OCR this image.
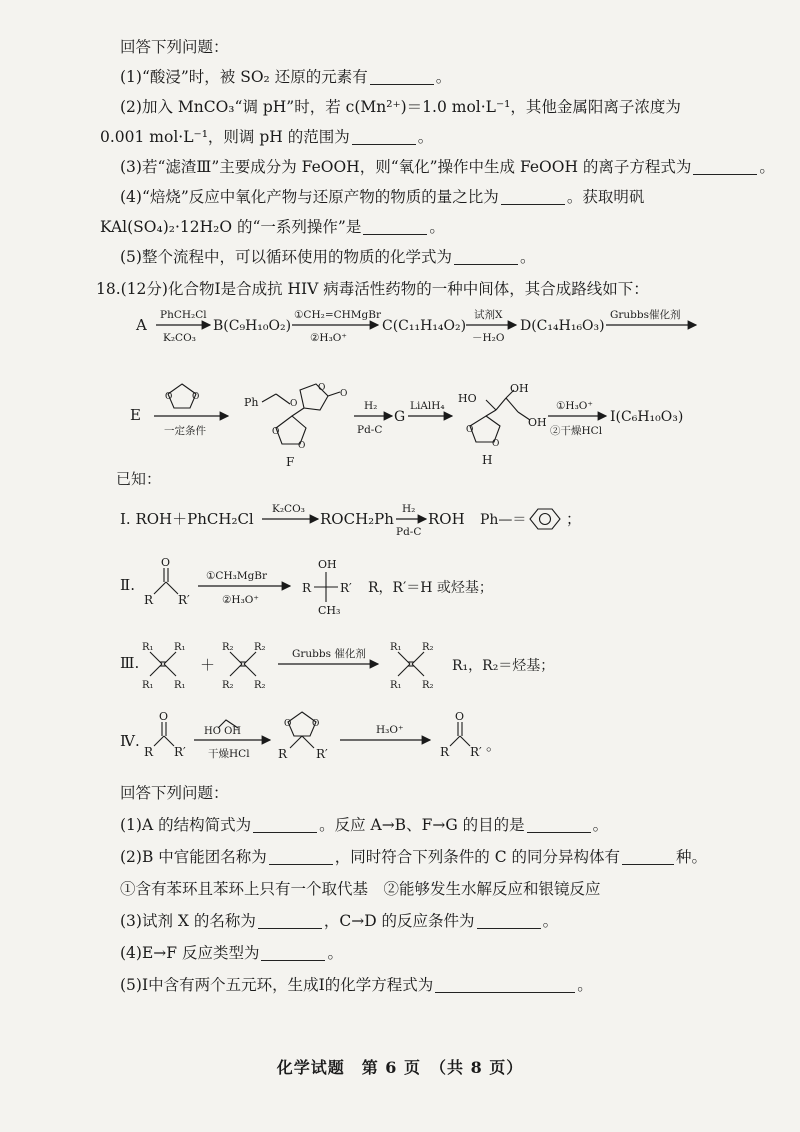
回答下列问题：
(1)“酸浸”时，被 SO₂ 还原的元素有	。
(2)加入 MnCO₃“调 pH”时，若 c(Mn²⁺)＝1.0 mol·L⁻¹，其他金属阳离子浓度为
0.001 mol·L⁻¹，则调 pH 的范围为	。
(3)若“滤渣Ⅲ”主要成分为 FeOOH，则“氧化”操作中生成 FeOOH 的离子方程式为	。
(4)“焙烧”反应中氧化产物与还原产物的物质的量之比为	。获取明矾
KAl(SO₄)₂·12H₂O 的“一系列操作”是	。
(5)整个流程中，可以循环使用的物质的化学式为	。
18.(12分)化合物Ⅰ是合成抗 HIV 病毒活性药物的一种中间体，其合成路线如下：
A
PhCH₂Cl
K₂CO₃
B(C₉H₁₀O₂)
①CH₂=CHMgBr
②H₃O⁺
C(C₁₁H₁₄O₂)
试剂X
－H₂O
D(C₁₄H₁₆O₃)
Grubbs催化剂
E
O O
一定条件
Ph	O
O
O
O
O
F
H₂
Pd-C
G
LiAlH₄
HO
OH
OH
O
O
H
①H₃O⁺
②干燥HCl
I(C₆H₁₀O₃)
已知：
Ⅰ. ROH＋PhCH₂Cl
K₂CO₃
ROCH₂Ph
H₂
Pd-C
ROH Ph—＝	；
Ⅱ.
O
R R′
①CH₃MgBr
②H₃O⁺
OH
R R′
CH₃
R，R′＝H 或烃基；
Ⅲ.
R₁ R₁
R₁ R₁
＋
R₂ R₂
R₂ R₂
Grubbs 催化剂
R₁ R₂
R₁ R₂
R₁，R₂＝烃基；
Ⅳ.
O
R R′
HO OH
干燥HCl
O O
R R′
H₃O⁺
O
R R′ 。
回答下列问题：
(1)A 的结构简式为	。反应 A→B、F→G 的目的是	。
(2)B 中官能团名称为	，同时符合下列条件的 C 的同分异构体有	种。
①含有苯环且苯环上只有一个取代基　②能够发生水解反应和银镜反应
(3)试剂 X 的名称为	，C→D 的反应条件为	。
(4)E→F 反应类型为	。
(5)Ⅰ中含有两个五元环，生成Ⅰ的化学方程式为	。
化学试题　第 6 页　（共 8 页）
